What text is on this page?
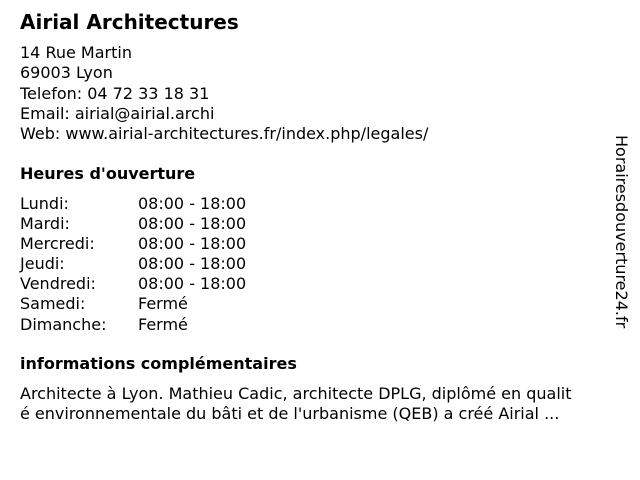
Airial Architectures
14 Rue Martin
69003 Lyon
Telefon: 04 72 33 18 31
Email: airial@airial.archi
Web: www.airial-architectures.fr/index.php/legales/
Heures d'ouverture
Lundi:	08:00 - 18:00
Mardi:	08:00 - 18:00
Mercredi:	08:00 - 18:00
Jeudi:	08:00 - 18:00
Vendredi:	08:00 - 18:00
Samedi:	Fermé
Dimanche: Fermé
informations complémentaires
Architecte à Lyon. Mathieu Cadic, architecte DPLG, diplômé en qualit
é environnementale du bâti et de l'urbanisme (QEB) a créé Airial ...
Horairesdouverture24.fr
